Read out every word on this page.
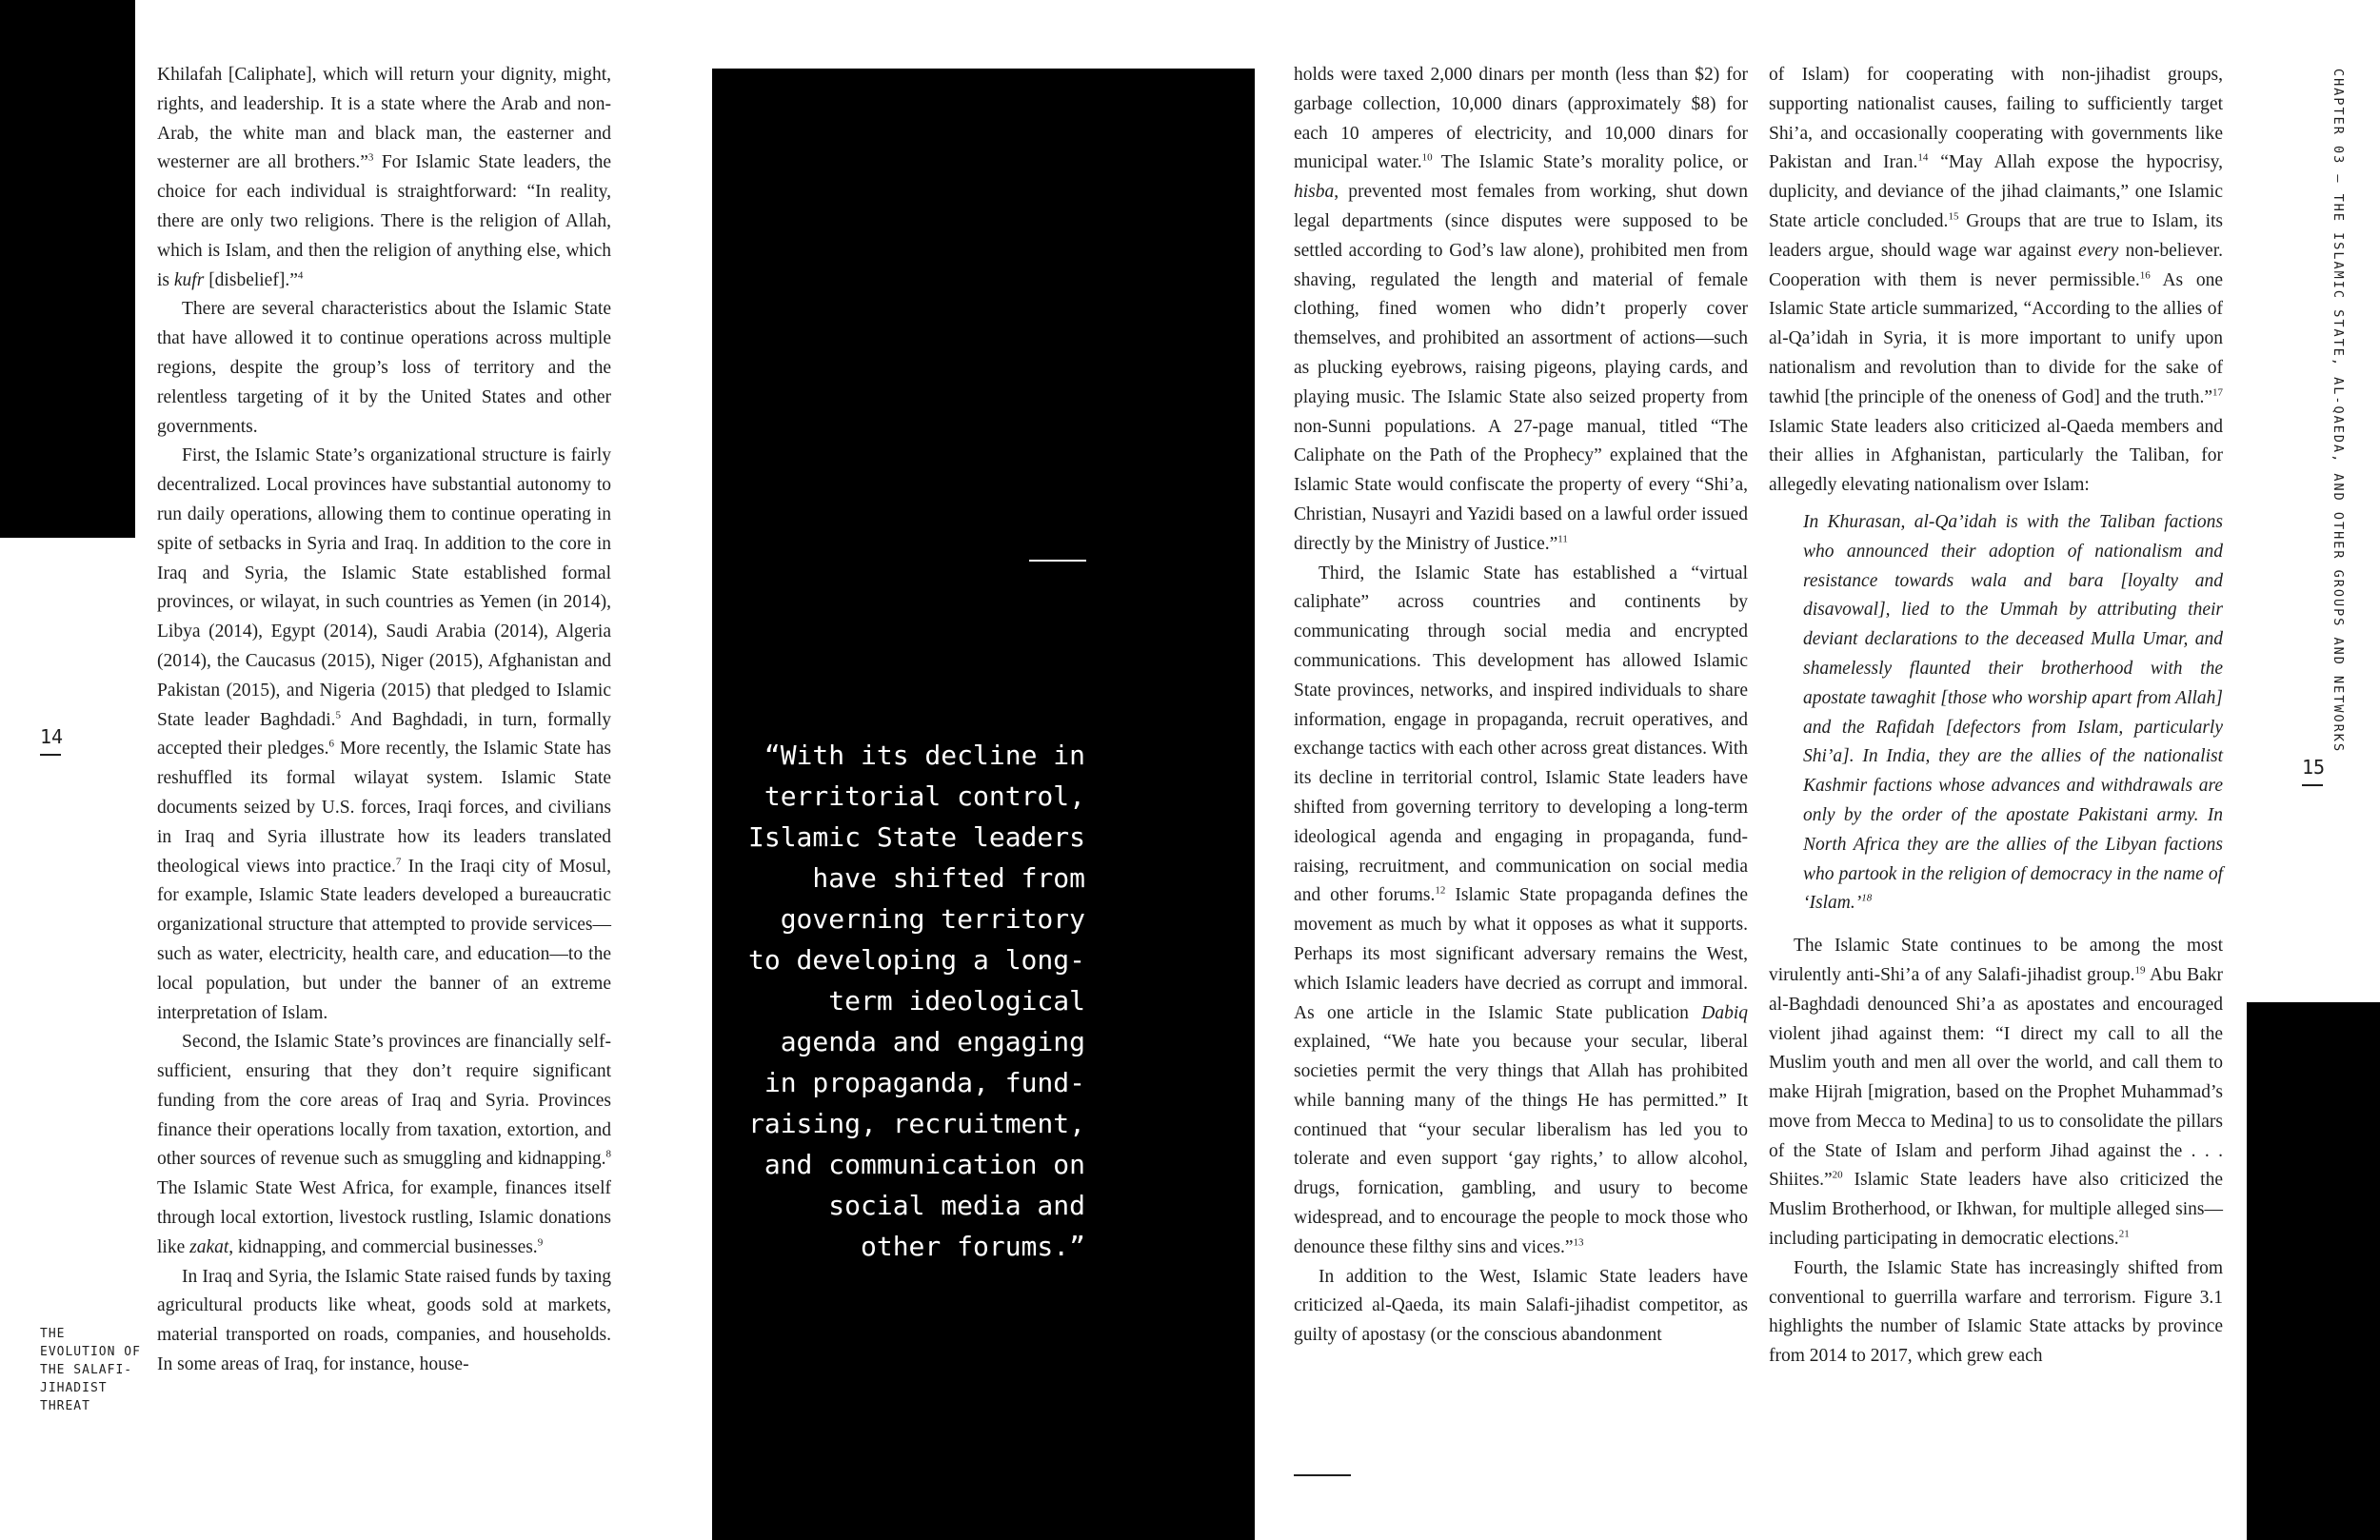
14
THE EVOLUTION OF THE SALAFI-JIHADIST THREAT

Khilafah [Caliphate], which will return your dignity, might, rights, and leadership. It is a state where the Arab and non-Arab, the white man and black man, the easterner and westerner are all brothers.”$^3$ For Islamic State leaders, the choice for each individual is straightforward: “In reality, there are only two religions. There is the religion of Allah, which is Islam, and then the religion of anything else, which is kufr [disbelief].”$^4$

There are several characteristics about the Islamic State that have allowed it to continue operations across multiple regions, despite the group’s loss of territory and the relentless targeting of it by the United States and other governments.

First, the Islamic State’s organizational structure is fairly decentralized. Local provinces have substantial autonomy to run daily operations, allowing them to continue operating in spite of setbacks in Syria and Iraq. In addition to the core in Iraq and Syria, the Islamic State established formal provinces, or wilayat, in such countries as Yemen (in 2014), Libya (2014), Egypt (2014), Saudi Arabia (2014), Algeria (2014), the Caucasus (2015), Niger (2015), Afghanistan and Pakistan (2015), and Nigeria (2015) that pledged to Islamic State leader Baghdadi.$^5$ And Baghdadi, in turn, formally accepted their pledges.$^6$ More recently, the Islamic State has reshuffled its formal wilayat system. Islamic State documents seized by U.S. forces, Iraqi forces, and civilians in Iraq and Syria illustrate how its leaders translated theological views into practice.$^7$ In the Iraqi city of Mosul, for example, Islamic State leaders developed a bureaucratic organizational structure that attempted to provide services—such as water, electricity, health care, and education—to the local population, but under the banner of an extreme interpretation of Islam.

Second, the Islamic State’s provinces are financially self-sufficient, ensuring that they don’t require significant funding from the core areas of Iraq and Syria. Provinces finance their operations locally from taxation, extortion, and other sources of revenue such as smuggling and kidnapping.$^8$ The Islamic State West Africa, for example, finances itself through local extortion, livestock rustling, Islamic donations like zakat, kidnapping, and commercial businesses.$^9$

In Iraq and Syria, the Islamic State raised funds by taxing agricultural products like wheat, goods sold at markets, material transported on roads, companies, and households. In some areas of Iraq, for instance, house-

“With its decline in territorial control, Islamic State leaders have shifted from governing territory to developing a long-term ideological agenda and engaging in propaganda, fund-raising, recruitment, and communication on social media and other forums.”

holds were taxed 2,000 dinars per month (less than $2) for garbage collection, 10,000 dinars (approximately $8) for each 10 amperes of electricity, and 10,000 dinars for municipal water.$^{10}$ The Islamic State’s morality police, or hisba, prevented most females from working, shut down legal departments (since disputes were supposed to be settled according to God’s law alone), prohibited men from shaving, regulated the length and material of female clothing, fined women who didn’t properly cover themselves, and prohibited an assortment of actions—such as plucking eyebrows, raising pigeons, playing cards, and playing music. The Islamic State also seized property from non-Sunni populations. A 27-page manual, titled “The Caliphate on the Path of the Prophecy” explained that the Islamic State would confiscate the property of every “Shi’a, Christian, Nusayri and Yazidi based on a lawful order issued directly by the Ministry of Justice.”$^{11}$

Third, the Islamic State has established a “virtual caliphate” across countries and continents by communicating through social media and encrypted communications. This development has allowed Islamic State provinces, networks, and inspired individuals to share information, engage in propaganda, recruit operatives, and exchange tactics with each other across great distances. With its decline in territorial control, Islamic State leaders have shifted from governing territory to developing a long-term ideological agenda and engaging in propaganda, fund-raising, recruitment, and communication on social media and other forums.$^{12}$ Islamic State propaganda defines the movement as much by what it opposes as what it supports. Perhaps its most significant adversary remains the West, which Islamic leaders have decried as corrupt and immoral. As one article in the Islamic State publication Dabiq explained, “We hate you because your secular, liberal societies permit the very things that Allah has prohibited while banning many of the things He has permitted.” It continued that “your secular liberalism has led you to tolerate and even support ‘gay rights,’ to allow alcohol, drugs, fornication, gambling, and usury to become widespread, and to encourage the people to mock those who denounce these filthy sins and vices.”$^{13}$

In addition to the West, Islamic State leaders have criticized al-Qaeda, its main Salafi-jihadist competitor, as guilty of apostasy (or the conscious abandonment

of Islam) for cooperating with non-jihadist groups, supporting nationalist causes, failing to sufficiently target Shi’a, and occasionally cooperating with governments like Pakistan and Iran.$^{14}$ “May Allah expose the hypocrisy, duplicity, and deviance of the jihad claimants,” one Islamic State article concluded.$^{15}$ Groups that are true to Islam, its leaders argue, should wage war against every non-believer. Cooperation with them is never permissible.$^{16}$ As one Islamic State article summarized, “According to the allies of al-Qa’idah in Syria, it is more important to unify upon nationalism and revolution than to divide for the sake of tawhid [the principle of the oneness of God] and the truth.”$^{17}$ Islamic State leaders also criticized al-Qaeda members and their allies in Afghanistan, particularly the Taliban, for allegedly elevating nationalism over Islam:

In Khurasan, al-Qa’idah is with the Taliban factions who announced their adoption of nationalism and resistance towards wala and bara [loyalty and disavowal], lied to the Ummah by attributing their deviant declarations to the deceased Mulla Umar, and shamelessly flaunted their brotherhood with the apostate tawaghit [those who worship apart from Allah] and the Rafidah [defectors from Islam, particularly Shi’a]. In India, they are the allies of the nationalist Kashmir factions whose advances and withdrawals are only by the order of the apostate Pakistani army. In North Africa they are the allies of the Libyan factions who partook in the religion of democracy in the name of ‘Islam.’$^{18}$

The Islamic State continues to be among the most virulently anti-Shi’a of any Salafi-jihadist group.$^{19}$ Abu Bakr al-Baghdadi denounced Shi’a as apostates and encouraged violent jihad against them: “I direct my call to all the Muslim youth and men all over the world, and call them to make Hijrah [migration, based on the Prophet Muhammad’s move from Mecca to Medina] to us to consolidate the pillars of the State of Islam and perform Jihad against the . . . Shiites.”$^{20}$ Islamic State leaders have also criticized the Muslim Brotherhood, or Ikhwan, for multiple alleged sins—including participating in democratic elections.$^{21}$

Fourth, the Islamic State has increasingly shifted from conventional to guerrilla warfare and terrorism. Figure 3.1 highlights the number of Islamic State attacks by province from 2014 to 2017, which grew each

CHAPTER 03 – THE ISLAMIC STATE, AL-QAEDA, AND OTHER GROUPS AND NETWORKS
15
